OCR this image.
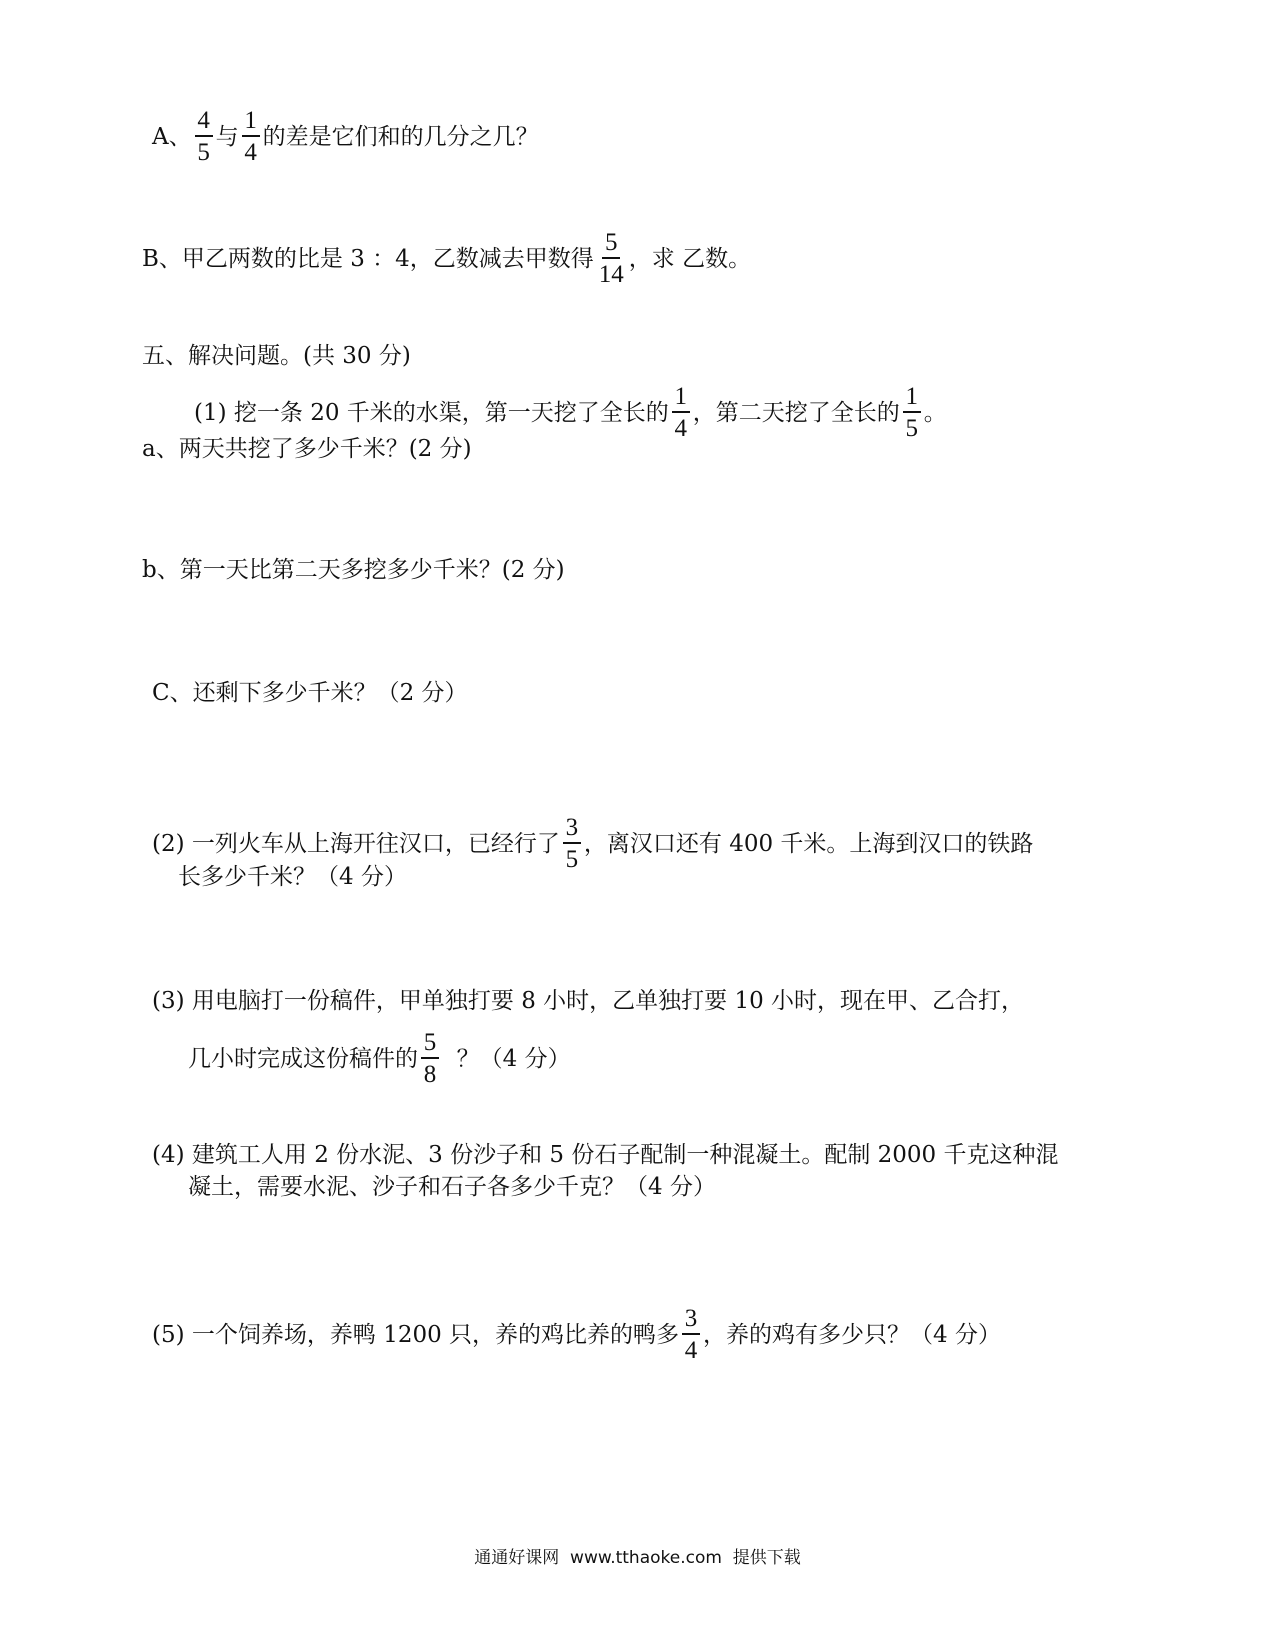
A、 $\frac{4}{5}$ 与 $\frac{1}{4}$ 的差是它们和的几分之几？
B、甲乙两数的比是 3 ：4，乙数减去甲数得 $\frac{5}{14}$ ，求 乙数。
五、解决问题。(共 30 分)
(1) 挖一条 20 千米的水渠，第一天挖了全长的 $\frac{1}{4}$ ，第二天挖了全长的 $\frac{1}{5}$ 。
a、两天共挖了多少千米？(2 分)
b、第一天比第二天多挖多少千米？(2 分)
C、还剩下多少千米？（2 分）
(2) 一列火车从上海开往汉口，已经行了 $\frac{3}{5}$ ，离汉口还有 400 千米。上海到汉口的铁路
长多少千米？（4 分）
(3) 用电脑打一份稿件，甲单独打要 8 小时，乙单独打要 10 小时，现在甲、乙合打，
几小时完成这份稿件的 $\frac{5}{8}$ ？（4 分）
(4) 建筑工人用 2 份水泥、3 份沙子和 5 份石子配制一种混凝土。配制 2000 千克这种混
凝土，需要水泥、沙子和石子各多少千克？（4 分）
(5) 一个饲养场，养鸭 1200 只，养的鸡比养的鸭多 $\frac{3}{4}$ ，养的鸡有多少只？（4 分）
通通好课网  www.tthaoke.com  提供下载
